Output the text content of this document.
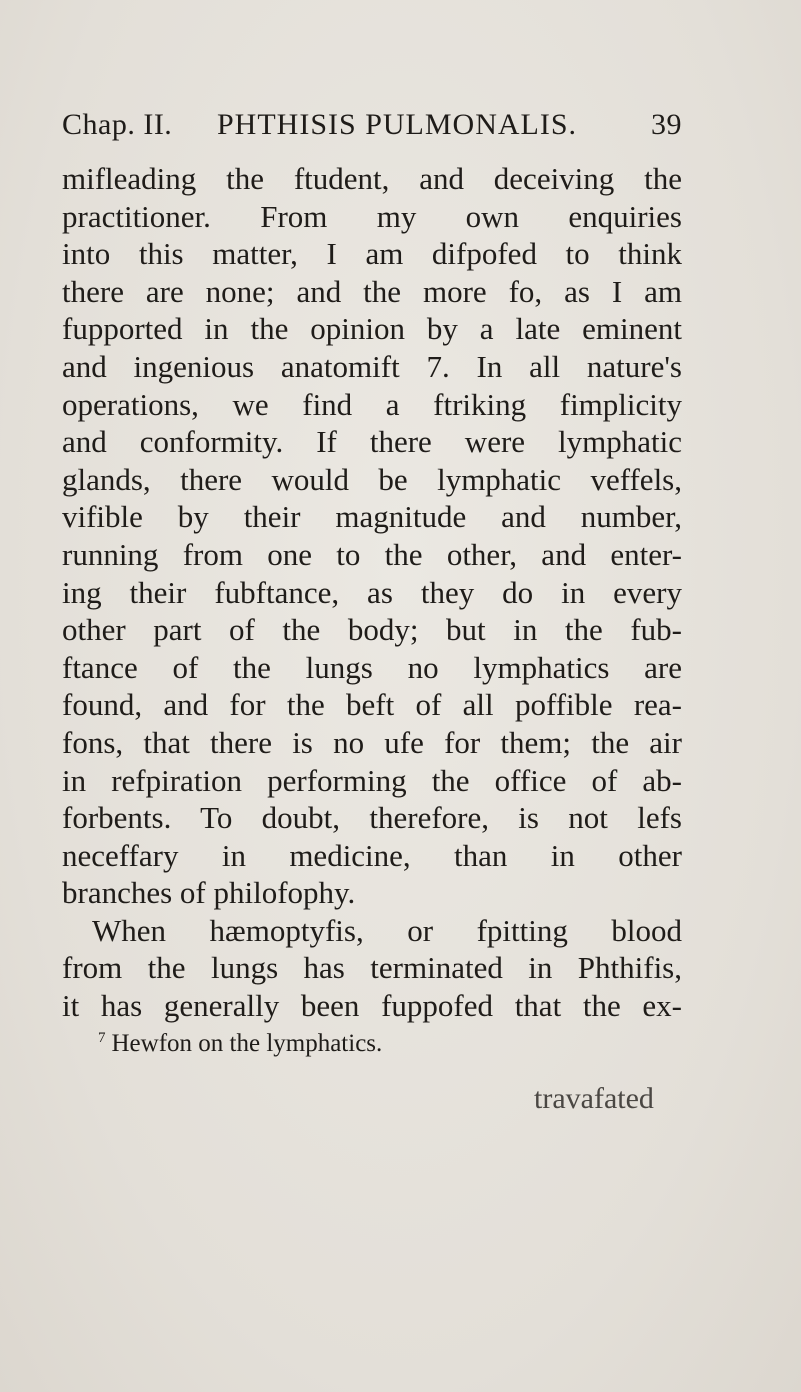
Chap. II. PHTHISIS PULMONALIS. 39
mifleading the ftudent, and deceiving the
practitioner. From my own enquiries
into this matter, I am difpofed to think
there are none; and the more fo, as I am
fupported in the opinion by a late eminent
and ingenious anatomift 7. In all nature's
operations, we find a ftriking fimplicity
and conformity. If there were lymphatic
glands, there would be lymphatic veffels,
vifible by their magnitude and number,
running from one to the other, and enter-
ing their fubftance, as they do in every
other part of the body; but in the fub-
ftance of the lungs no lymphatics are
found, and for the beft of all poffible rea-
fons, that there is no ufe for them; the air
in refpiration performing the office of ab-
forbents. To doubt, therefore, is not lefs
neceffary in medicine, than in other
branches of philofophy.
When hæmoptyfis, or fpitting blood
from the lungs has terminated in Phthifis,
it has generally been fuppofed that the ex-
$^7$ Hewfon on the lymphatics.
travafated
